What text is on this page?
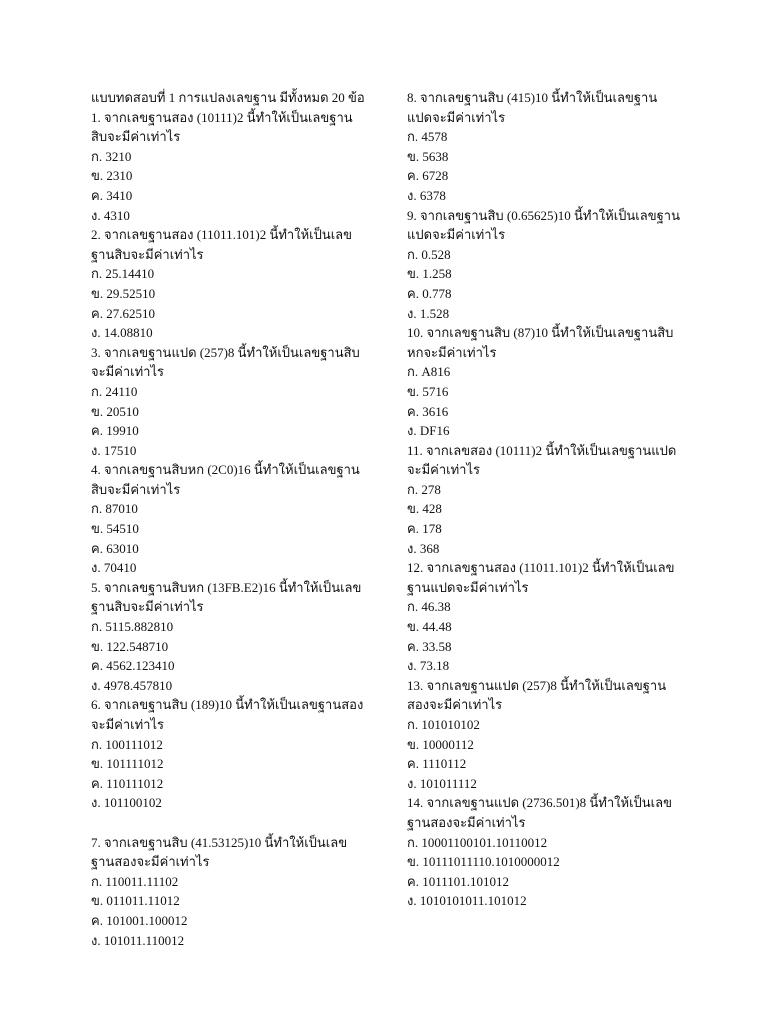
แบบทดสอบที่ 1 การแปลงเลขฐาน มีทั้งหมด 20 ข้อ
1. จากเลขฐานสอง (10111)2 นี้ทำให้เป็นเลขฐานสิบจะมีค่าเท่าไร
ก. 3210
ข. 2310
ค. 3410
ง. 4310
2. จากเลขฐานสอง (11011.101)2 นี้ทำให้เป็นเลขฐานสิบจะมีค่าเท่าไร
ก. 25.14410
ข. 29.52510
ค. 27.62510
ง. 14.08810
3. จากเลขฐานแปด (257)8 นี้ทำให้เป็นเลขฐานสิบจะมีค่าเท่าไร
ก. 24110
ข. 20510
ค. 19910
ง. 17510
4. จากเลขฐานสิบหก (2C0)16 นี้ทำให้เป็นเลขฐานสิบจะมีค่าเท่าไร
ก. 87010
ข. 54510
ค. 63010
ง. 70410
5. จากเลขฐานสิบหก (13FB.E2)16 นี้ทำให้เป็นเลขฐานสิบจะมีค่าเท่าไร
ก. 5115.882810
ข. 122.548710
ค. 4562.123410
ง. 4978.457810
6. จากเลขฐานสิบ (189)10 นี้ทำให้เป็นเลขฐานสองจะมีค่าเท่าไร
ก. 100111012
ข. 101111012
ค. 110111012
ง. 101100102
7. จากเลขฐานสิบ (41.53125)10 นี้ทำให้เป็นเลขฐานสองจะมีค่าเท่าไร
ก. 110011.11102
ข. 011011.11012
ค. 101001.100012
ง. 101011.110012
8. จากเลขฐานสิบ (415)10 นี้ทำให้เป็นเลขฐานแปดจะมีค่าเท่าไร
ก. 4578
ข. 5638
ค. 6728
ง. 6378
9. จากเลขฐานสิบ (0.65625)10 นี้ทำให้เป็นเลขฐานแปดจะมีค่าเท่าไร
ก. 0.528
ข. 1.258
ค. 0.778
ง. 1.528
10. จากเลขฐานสิบ (87)10 นี้ทำให้เป็นเลขฐานสิบหกจะมีค่าเท่าไร
ก. A816
ข. 5716
ค. 3616
ง. DF16
11. จากเลขสอง (10111)2 นี้ทำให้เป็นเลขฐานแปดจะมีค่าเท่าไร
ก. 278
ข. 428
ค. 178
ง. 368
12. จากเลขฐานสอง (11011.101)2 นี้ทำให้เป็นเลขฐานแปดจะมีค่าเท่าไร
ก. 46.38
ข. 44.48
ค. 33.58
ง. 73.18
13. จากเลขฐานแปด (257)8 นี้ทำให้เป็นเลขฐานสองจะมีค่าเท่าไร
ก. 101010102
ข. 10000112
ค. 1110112
ง. 101011112
14. จากเลขฐานแปด (2736.501)8 นี้ทำให้เป็นเลขฐานสองจะมีค่าเท่าไร
ก. 10001100101.10110012
ข. 10111011110.1010000012
ค. 1011101.101012
ง. 1010101011.101012
